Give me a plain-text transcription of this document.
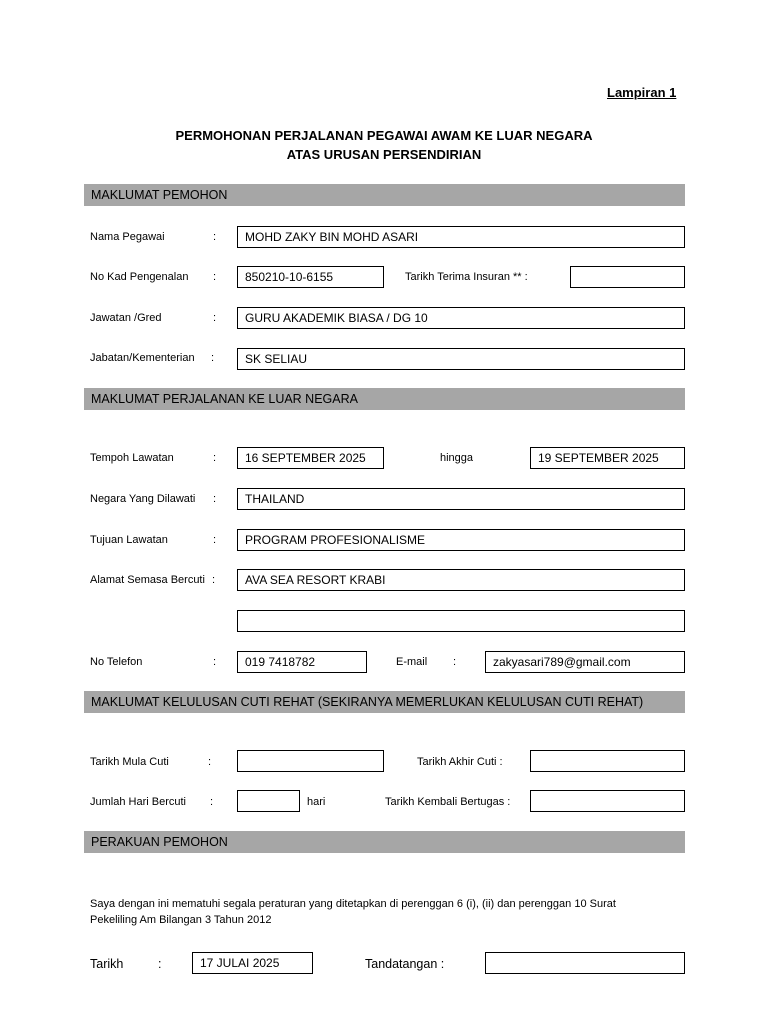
Lampiran 1
PERMOHONAN PERJALANAN PEGAWAI AWAM KE LUAR NEGARA
ATAS URUSAN PERSENDIRIAN
MAKLUMAT PEMOHON
Nama Pegawai	:	MOHD ZAKY BIN MOHD ASARI
No Kad Pengenalan :	850210-10-6155	Tarikh Terima Insuran ** :
Jawatan /Gred	:	GURU AKADEMIK BIASA / DG 10
Jabatan/Kementerian :	SK SELIAU
MAKLUMAT PERJALANAN KE LUAR NEGARA
Tempoh Lawatan	:	16 SEPTEMBER 2025	hingga	19 SEPTEMBER 2025
Negara Yang Dilawati :	THAILAND
Tujuan Lawatan	:	PROGRAM PROFESIONALISME
Alamat Semasa Bercuti :	AVA SEA RESORT KRABI
No Telefon	:	019 7418782	E-mail :	zakyasari789@gmail.com
MAKLUMAT KELULUSAN CUTI REHAT (SEKIRANYA MEMERLUKAN KELULUSAN CUTI REHAT)
Tarikh Mula Cuti	:	Tarikh Akhir Cuti :
Jumlah Hari Bercuti :	hari	Tarikh Kembali Bertugas :
PERAKUAN PEMOHON
Saya dengan ini mematuhi segala peraturan yang ditetapkan di perenggan 6 (i), (ii) dan perenggan 10 Surat
Pekeliling Am Bilangan 3 Tahun 2012
Tarikh	:	17 JULAI 2025	Tandatangan :
